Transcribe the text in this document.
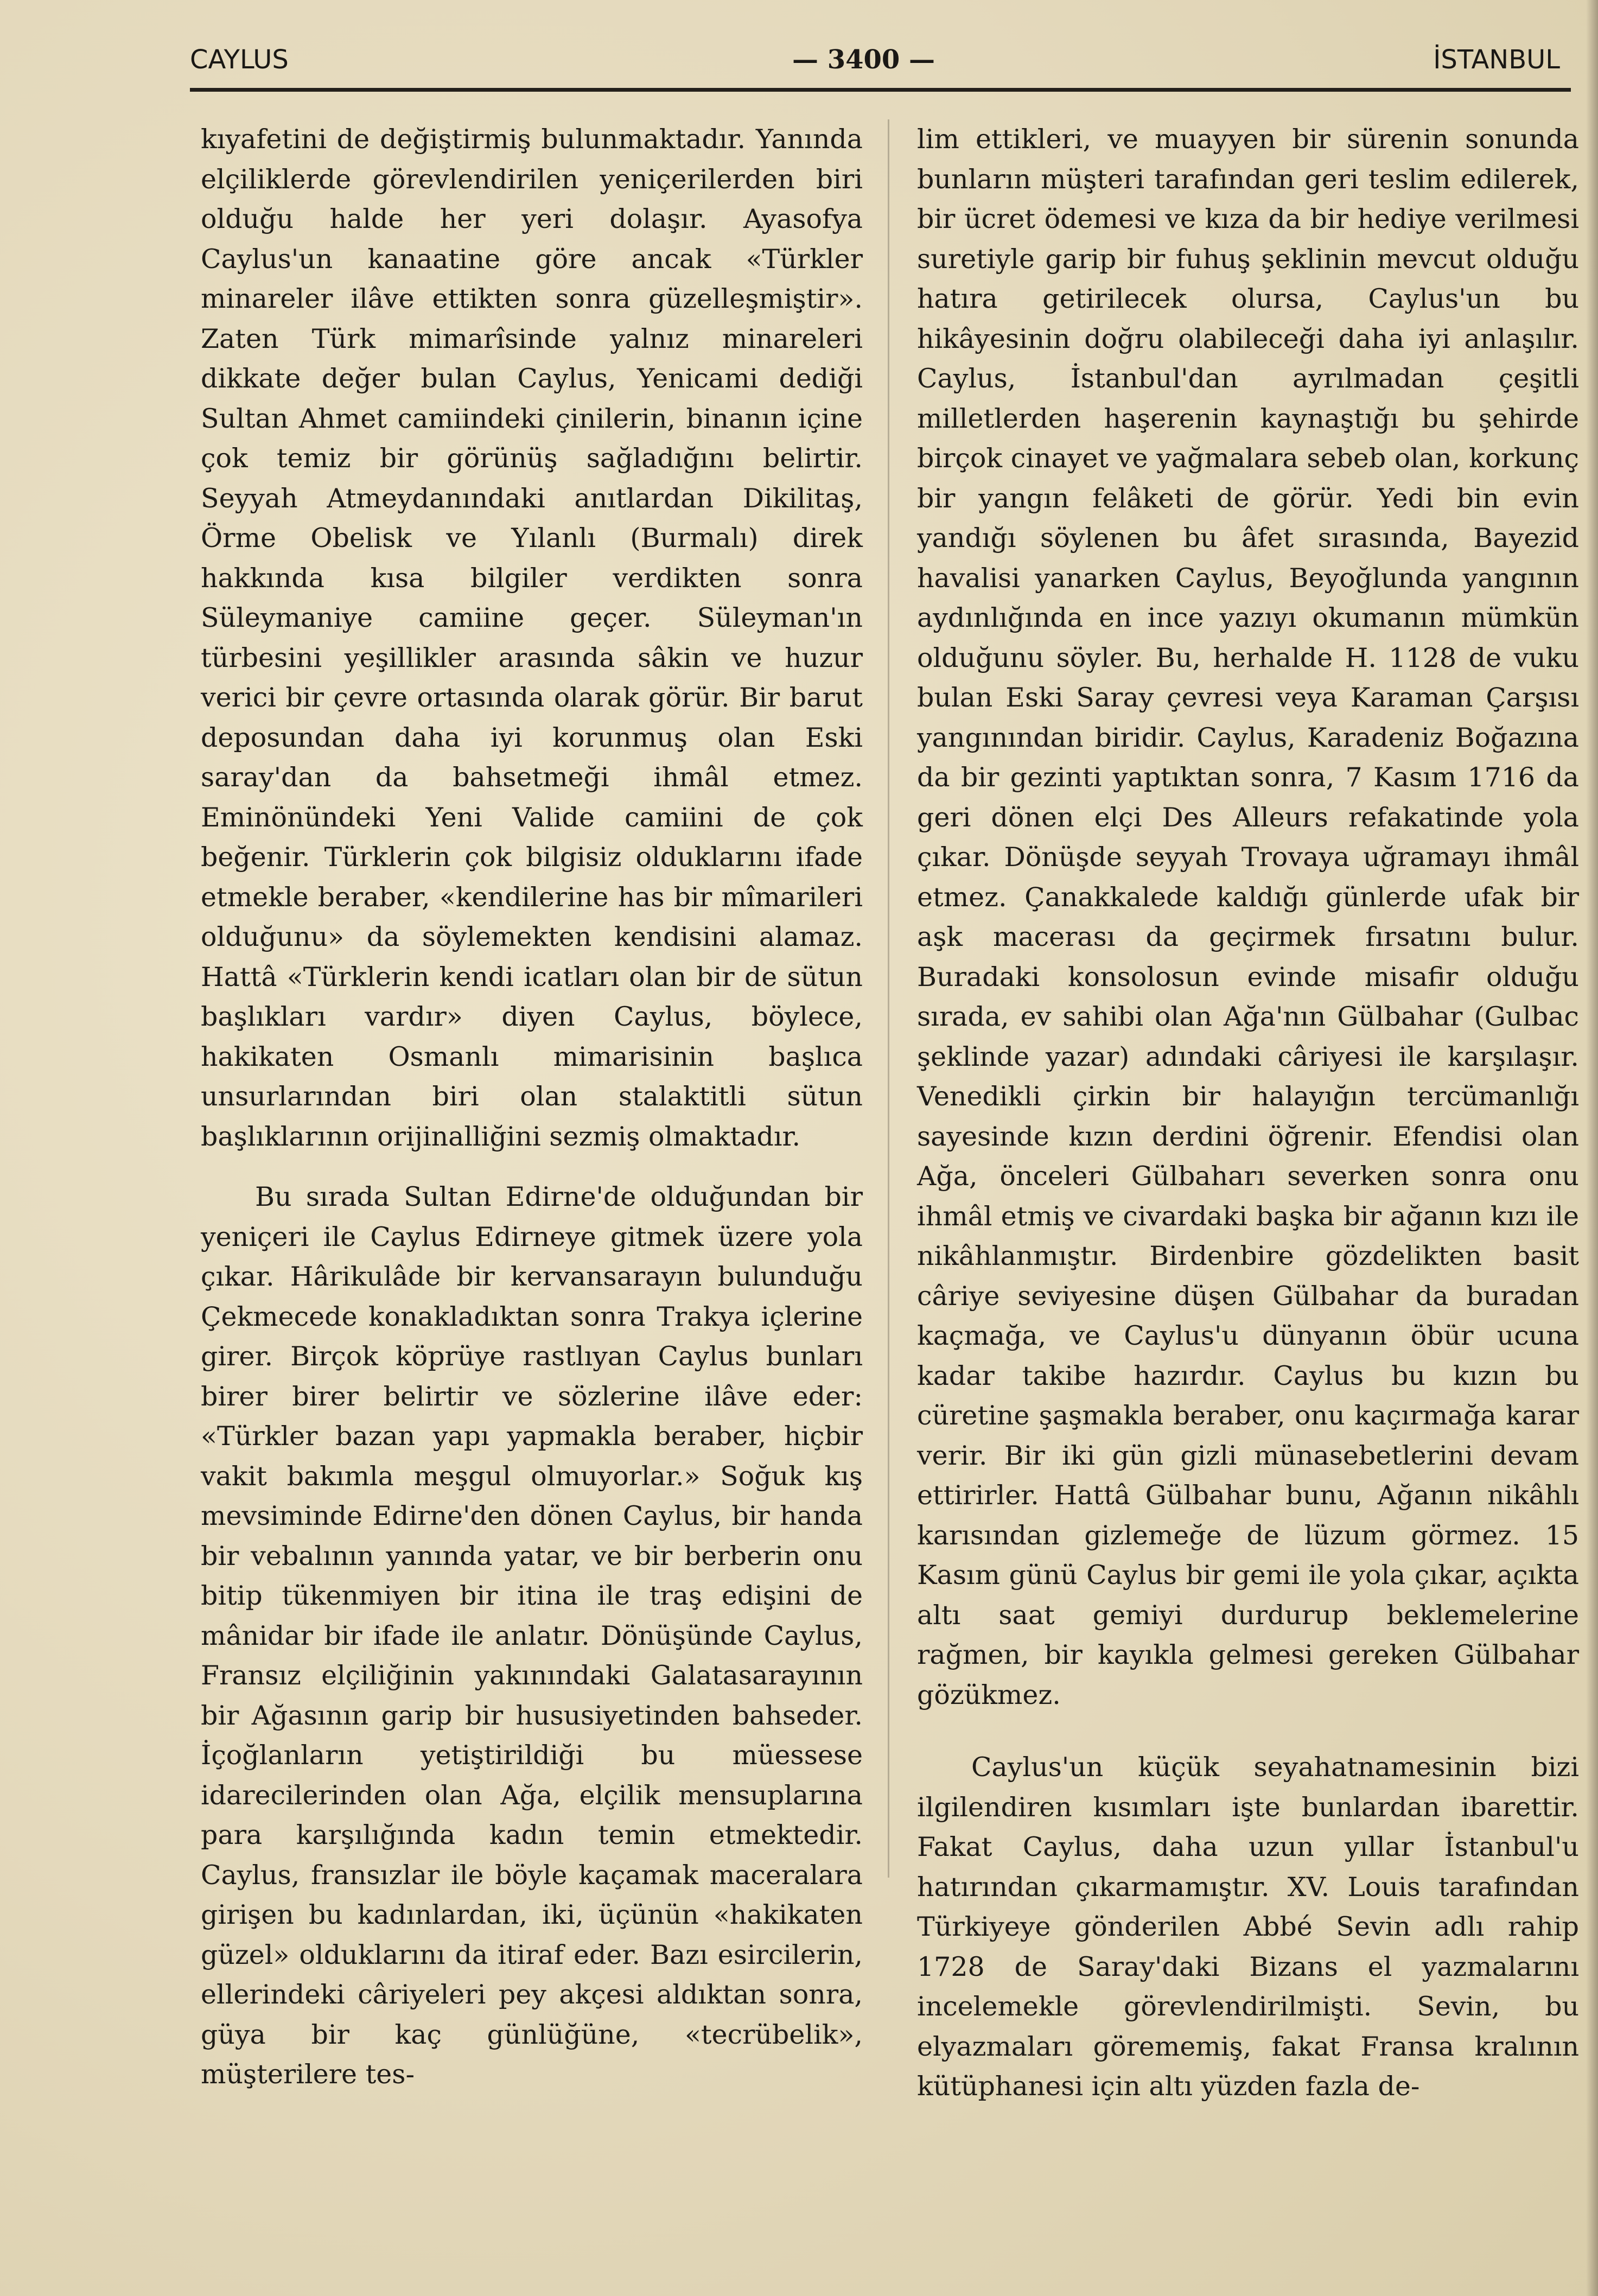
CAYLUS	— 3400 —	İSTANBUL

kıyafetini de değiştirmiş bulunmaktadır. Yanında elçiliklerde görevlendirilen yeniçerilerden biri olduğu halde her yeri dolaşır. Ayasofya Caylus'un kanaatine göre ancak «Türkler minareler ilâve ettikten sonra güzelleşmiştir». Zaten Türk mimarîsinde yalnız minareleri dikkate değer bulan Caylus, Yenicami dediği Sultan Ahmet camiindeki çinilerin, binanın içine çok temiz bir görünüş sağladığını belirtir. Seyyah Atmeydanındaki anıtlardan Dikilitaş, Örme Obelisk ve Yılanlı (Burmalı) direk hakkında kısa bilgiler verdikten sonra Süleymaniye camiine geçer. Süleyman'ın türbesini yeşillikler arasında sâkin ve huzur verici bir çevre ortasında olarak görür. Bir barut deposundan daha iyi korunmuş olan Eski saray'dan da bahsetmeği ihmâl etmez. Eminönündeki Yeni Valide camiini de çok beğenir. Türklerin çok bilgisiz olduklarını ifade etmekle beraber, «kendilerine has bir mîmarileri olduğunu» da söylemekten kendisini alamaz. Hattâ «Türklerin kendi icatları olan bir de sütun başlıkları vardır» diyen Caylus, böylece, hakikaten Osmanlı mimarisinin başlıca unsurlarından biri olan stalaktitli sütun başlıklarının orijinalliğini sezmiş olmaktadır.

Bu sırada Sultan Edirne'de olduğundan bir yeniçeri ile Caylus Edirneye gitmek üzere yola çıkar. Hârikulâde bir kervansarayın bulunduğu Çekmecede konakladıktan sonra Trakya içlerine girer. Birçok köprüye rastlıyan Caylus bunları birer birer belirtir ve sözlerine ilâve eder: «Türkler bazan yapı yapmakla beraber, hiçbir vakit bakımla meşgul olmuyorlar.» Soğuk kış mevsiminde Edirne'den dönen Caylus, bir handa bir vebalının yanında yatar, ve bir berberin onu bitip tükenmiyen bir itina ile traş edişini de mânidar bir ifade ile anlatır. Dönüşünde Caylus, Fransız elçiliğinin yakınındaki Galatasarayının bir Ağasının garip bir hususiyetinden bahseder. İçoğlanların yetiştirildiği bu müessese idarecilerinden olan Ağa, elçilik mensuplarına para karşılığında kadın temin etmektedir. Caylus, fransızlar ile böyle kaçamak maceralara girişen bu kadınlardan, iki, üçünün «hakikaten güzel» olduklarını da itiraf eder. Bazı esircilerin, ellerindeki câriyeleri pey akçesi aldıktan sonra, güya bir kaç günlüğüne, «tecrübelik», müşterilere tes-

lim ettikleri, ve muayyen bir sürenin sonunda bunların müşteri tarafından geri teslim edilerek, bir ücret ödemesi ve kıza da bir hediye verilmesi suretiyle garip bir fuhuş şeklinin mevcut olduğu hatıra getirilecek olursa, Caylus'un bu hikâyesinin doğru olabileceği daha iyi anlaşılır. Caylus, İstanbul'dan ayrılmadan çeşitli milletlerden haşerenin kaynaştığı bu şehirde birçok cinayet ve yağmalara sebeb olan, korkunç bir yangın felâketi de görür. Yedi bin evin yandığı söylenen bu âfet sırasında, Bayezid havalisi yanarken Caylus, Beyoğlunda yangının aydınlığında en ince yazıyı okumanın mümkün olduğunu söyler. Bu, herhalde H. 1128 de vuku bulan Eski Saray çevresi veya Karaman Çarşısı yangınından biridir. Caylus, Karadeniz Boğazına da bir gezinti yaptıktan sonra, 7 Kasım 1716 da geri dönen elçi Des Alleurs refakatinde yola çıkar. Dönüşde seyyah Trovaya uğramayı ihmâl etmez. Çanakkalede kaldığı günlerde ufak bir aşk macerası da geçirmek fırsatını bulur. Buradaki konsolosun evinde misafir olduğu sırada, ev sahibi olan Ağa'nın Gülbahar (Gulbac şeklinde yazar) adındaki câriyesi ile karşılaşır. Venedikli çirkin bir halayığın tercümanlığı sayesinde kızın derdini öğrenir. Efendisi olan Ağa, önceleri Gülbaharı severken sonra onu ihmâl etmiş ve civardaki başka bir ağanın kızı ile nikâhlanmıştır. Birdenbire gözdelikten basit câriye seviyesine düşen Gülbahar da buradan kaçmağa, ve Caylus'u dünyanın öbür ucuna kadar takibe hazırdır. Caylus bu kızın bu cüretine şaşmakla beraber, onu kaçırmağa karar verir. Bir iki gün gizli münasebetlerini devam ettirirler. Hattâ Gülbahar bunu, Ağanın nikâhlı karısından gizlemeğe de lüzum görmez. 15 Kasım günü Caylus bir gemi ile yola çıkar, açıkta altı saat gemiyi durdurup beklemelerine rağmen, bir kayıkla gelmesi gereken Gülbahar gözükmez.

Caylus'un küçük seyahatnamesinin bizi ilgilendiren kısımları işte bunlardan ibarettir. Fakat Caylus, daha uzun yıllar İstanbul'u hatırından çıkarmamıştır. XV. Louis tarafından Türkiyeye gönderilen Abbé Sevin adlı rahip 1728 de Saray'daki Bizans el yazmalarını incelemekle görevlendirilmişti. Sevin, bu elyazmaları görememiş, fakat Fransa kralının kütüphanesi için altı yüzden fazla de-
